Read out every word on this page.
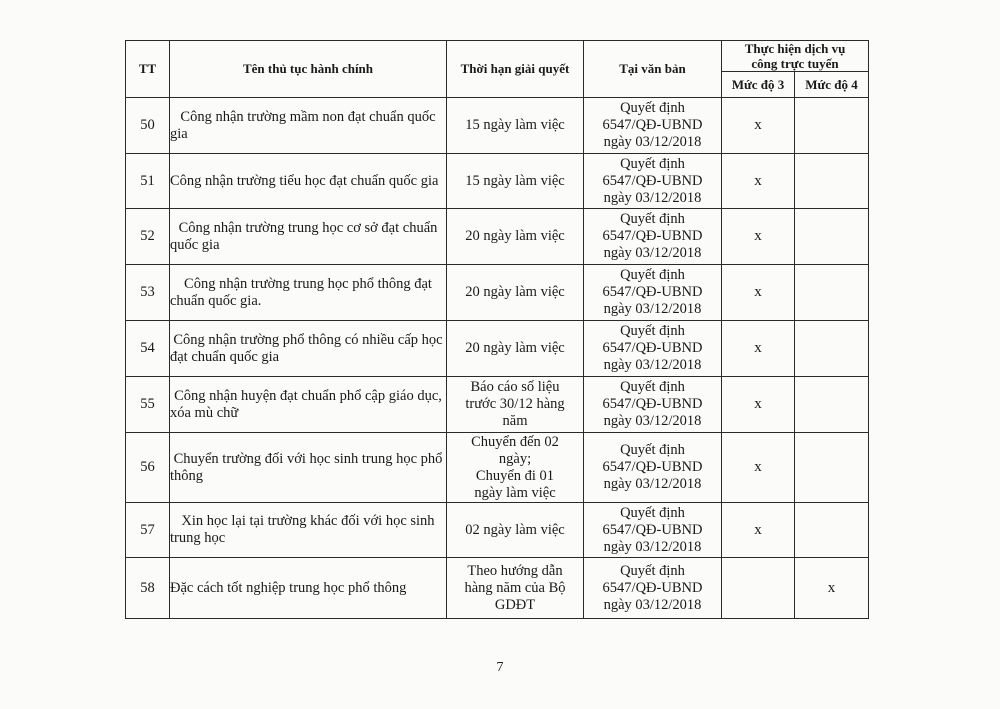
TT	Tên thủ tục hành chính	Thời hạn giải quyết	Tại văn bản	Thực hiện dịch vụ
công trực tuyến	

				Mức độ 3	Mức độ 4
50	Công nhận trường mầm non đạt chuẩn quốc gia	15 ngày làm việc	Quyết định
6547/QĐ-UBND
ngày 03/12/2018	x	
51	Công nhận trường tiểu học đạt chuẩn quốc gia	15 ngày làm việc	Quyết định
6547/QĐ-UBND
ngày 03/12/2018	x	
52	Công nhận trường trung học cơ sở đạt chuẩn quốc gia	20 ngày làm việc	Quyết định
6547/QĐ-UBND
ngày 03/12/2018	x	
53	Công nhận trường trung học phổ thông đạt chuẩn quốc gia.	20 ngày làm việc	Quyết định
6547/QĐ-UBND
ngày 03/12/2018	x	
54	Công nhận trường phổ thông có nhiều cấp học đạt chuẩn quốc gia	20 ngày làm việc	Quyết định
6547/QĐ-UBND
ngày 03/12/2018	x	
55	Công nhận huyện đạt chuẩn phổ cập giáo dục, xóa mù chữ	Báo cáo số liệu
trước 30/12 hàng
năm	Quyết định
6547/QĐ-UBND
ngày 03/12/2018	x	
56	Chuyển trường đối với học sinh trung học phổ thông	Chuyển đến 02
ngày;
Chuyển đi 01
ngày làm việc	Quyết định
6547/QĐ-UBND
ngày 03/12/2018	x	
57	Xin học lại tại trường khác đối với học sinh trung học	02 ngày làm việc	Quyết định
6547/QĐ-UBND
ngày 03/12/2018	x	
58	Đặc cách tốt nghiệp trung học phổ thông	Theo hướng dẫn
hàng năm của Bộ
GDĐT	Quyết định
6547/QĐ-UBND
ngày 03/12/2018		x
7
